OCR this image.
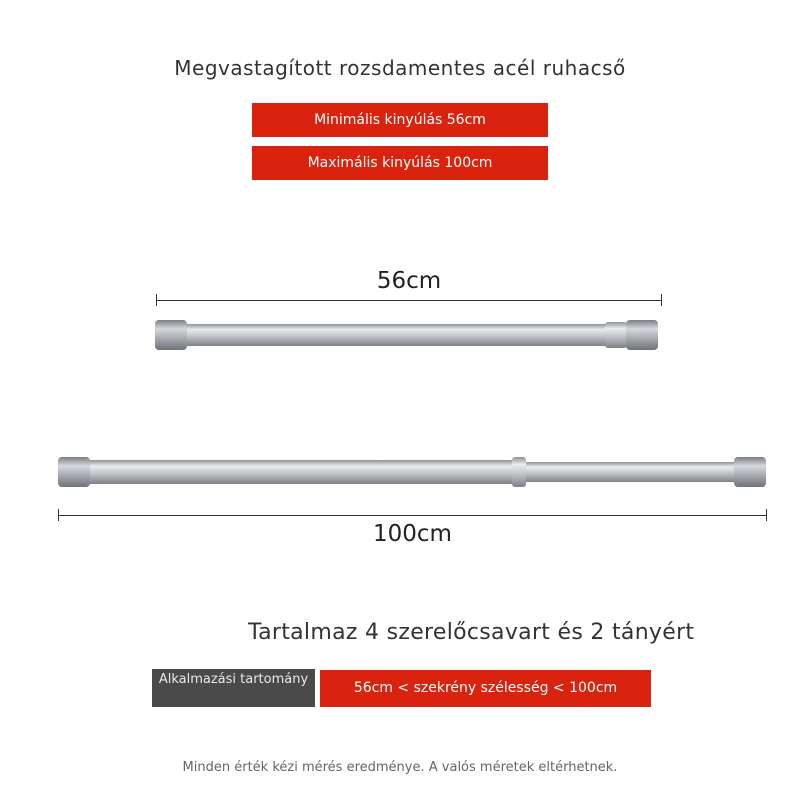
Megvastagított rozsdamentes acél ruhacső
Minimális kinyúlás 56cm
Maximális kinyúlás 100cm
56cm
100cm
Tartalmaz 4 szerelőcsavart és 2 tányért
Alkalmazási tartomány
56cm < szekrény szélesség < 100cm
Minden érték kézi mérés eredménye. A valós méretek eltérhetnek.
